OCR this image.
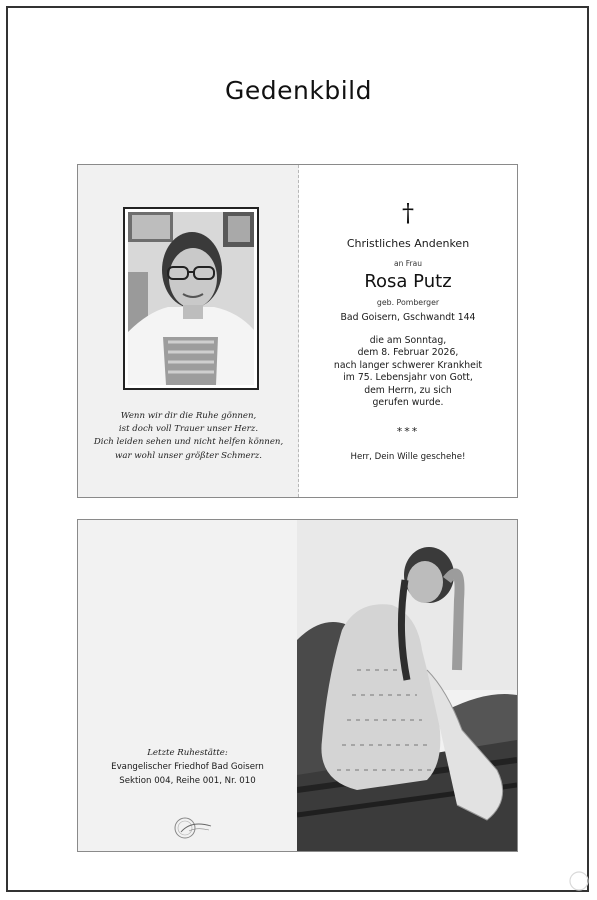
Gedenkbild
Wenn wir dir die Ruhe gönnen,
ist doch voll Trauer unser Herz.
Dich leiden sehen und nicht helfen können,
war wohl unser größter Schmerz.
†
Christliches Andenken
an Frau
Rosa Putz
geb. Pomberger
Bad Goisern, Gschwandt 144
die am Sonntag,
dem 8. Februar 2026,
nach langer schwerer Krankheit
im 75. Lebensjahr von Gott,
dem Herrn, zu sich
gerufen wurde.
***
Herr, Dein Wille geschehe!
Letzte Ruhestätte:
Evangelischer Friedhof Bad Goisern
Sektion 004, Reihe 001, Nr. 010
